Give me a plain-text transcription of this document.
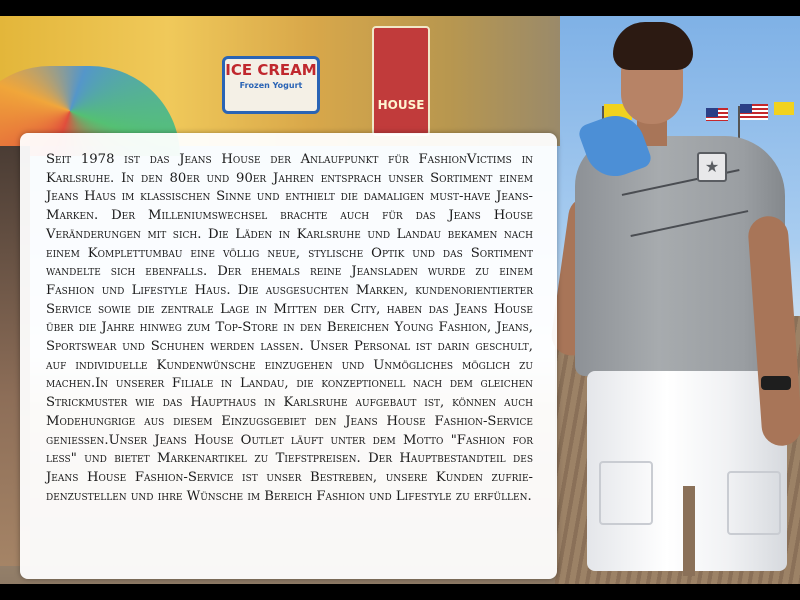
ICE CREAM
Frozen Yogurt
HOUSE
★

Seit 1978 ist das Jeans House der Anlaufpunkt für FashionVictims in Karlsruhe. In den 80er und 90er Jahren entsprach unser Sortiment einem Jeans Haus im klassischen Sinne und enthielt die damaligen must-have Jeans-Marken. Der Milleniumswechsel brachte auch für das Jeans House Veränderungen mit sich. Die Läden in Karlsruhe und Landau bekamen nach einem Komplettumbau eine völlig neue, stylische Optik und das Sortiment wandelte sich ebenfalls. Der ehemals reine Jeansladen wurde zu einem Fashion und Lifestyle Haus. Die ausgesuchten Marken, kundenorientierter Service sowie die zentrale Lage in Mitten der City, haben das Jeans House über die Jahre hinweg zum Top-Store in den Bereichen Young Fashion, Jeans, Sportswear und Schuhen werden lassen. Unser Personal ist darin geschult, auf individuelle Kundenwünsche einzugehen und Unmögliches möglich zu machen.In unserer Filiale in Landau, die konzeptionell nach dem gleichen Strickmuster wie das Haupthaus in Karlsruhe aufgebaut ist, können auch Modehungrige aus diesem Einzugsgebiet den Jeans House Fashion-Service geniessen.Unser Jeans House Outlet läuft unter dem Motto "Fashion for less" und bietet Markenartikel zu Tiefstpreisen. Der Hauptbestandteil des Jeans House Fashion-Service ist unser Bestreben, unsere Kunden zufriedenzustellen und ihre Wünsche im Bereich Fashion und Lifestyle zu erfüllen.
